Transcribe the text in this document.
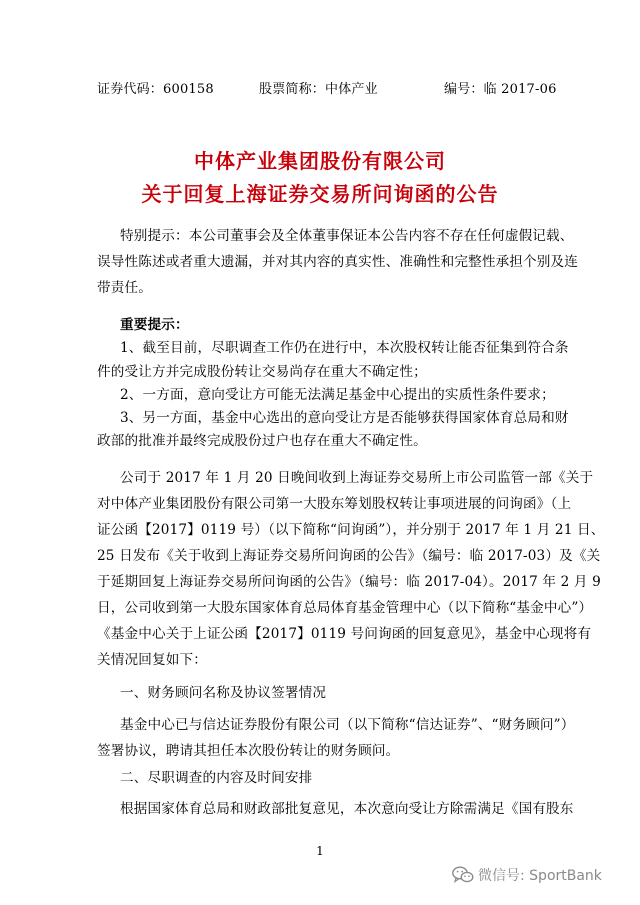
证券代码：600158	股票简称：中体产业	编号：临 2017-06
中体产业集团股份有限公司
关于回复上海证券交易所问询函的公告
特别提示：本公司董事会及全体董事保证本公告内容不存在任何虚假记载、
误导性陈述或者重大遗漏，并对其内容的真实性、准确性和完整性承担个别及连
带责任。
重要提示：
1、截至目前，尽职调查工作仍在进行中，本次股权转让能否征集到符合条
件的受让方并完成股份转让交易尚存在重大不确定性；
2、一方面，意向受让方可能无法满足基金中心提出的实质性条件要求；
3、另一方面，基金中心选出的意向受让方是否能够获得国家体育总局和财
政部的批准并最终完成股份过户也存在重大不确定性。
公司于 2017 年 1 月 20 日晚间收到上海证券交易所上市公司监管一部《关于
对中体产业集团股份有限公司第一大股东筹划股权转让事项进展的问询函》（上
证公函【2017】0119 号）（以下简称“问询函”），并分别于 2017 年 1 月 21 日、
25 日发布《关于收到上海证券交易所问询函的公告》（编号：临 2017-03）及《关
于延期回复上海证券交易所问询函的公告》（编号：临 2017-04）。2017 年 2 月 9
日，公司收到第一大股东国家体育总局体育基金管理中心（以下简称“基金中心”）
《基金中心关于上证公函【2017】0119 号问询函的回复意见》，基金中心现将有
关情况回复如下：
一、财务顾问名称及协议签署情况
基金中心已与信达证券股份有限公司（以下简称“信达证券”、“财务顾问”）
签署协议，聘请其担任本次股份转让的财务顾问。
二、尽职调查的内容及时间安排
根据国家体育总局和财政部批复意见，本次意向受让方除需满足《国有股东
1
微信号: SportBank
